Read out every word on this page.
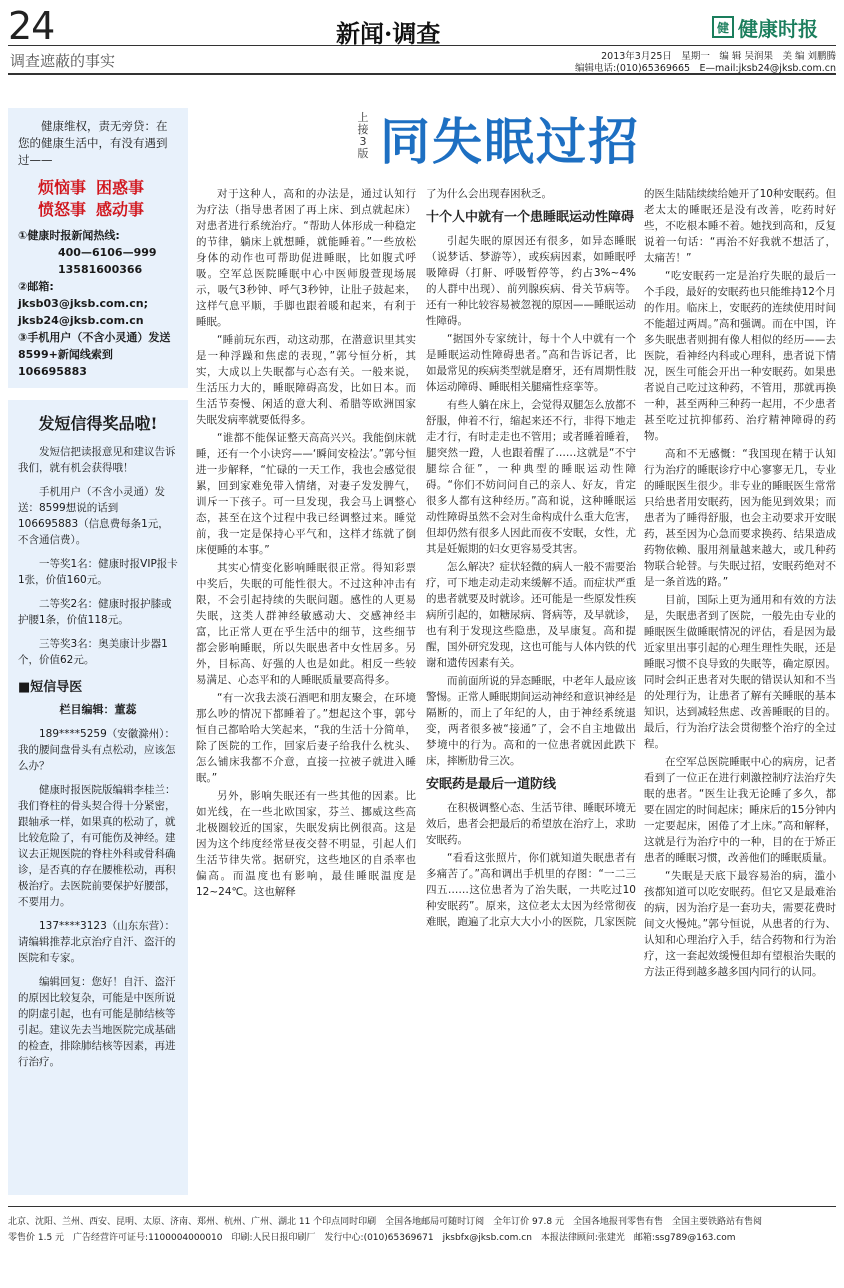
24	新闻·调查	健 健康时报
调查遮蔽的事实	2013年3月25日　星期一　编 辑 吴润果　美 编 刘鹏腾
编辑电话:(010)65369665　E—mail:jksb24@jksb.com.cn

健康维权，责无旁贷：在您的健康生活中，有没有遇到过——

烦恼事 困惑事
愤怒事 感动事
①健康时报新闻热线:
400—6106—999
13581600366
②邮箱: jksb03@jksb.com.cn; jksb24@jksb.com.cn
③手机用户（不含小灵通）发送8599+新闻线索到106695883
发短信得奖品啦!

发短信把读报意见和建议告诉我们，就有机会获得哦！

手机用户（不含小灵通）发送：8599想说的话到106695883（信息费每条1元，不含通信费）。

一等奖1名：健康时报VIP报卡1张，价值160元。

二等奖2名：健康时报护膝或护腰1条，价值118元。

三等奖3名：奥美康计步器1个，价值62元。

■短信导医
栏目编辑：董蕊

189****5259（安徽滁州）：我的腰间盘骨头有点松动，应该怎么办？

健康时报医院版编辑李桂兰：我们脊柱的骨头契合得十分紧密，跟轴承一样，如果真的松动了，就比较危险了，有可能伤及神经。建议去正规医院的脊柱外科或骨科确诊，是否真的存在腰椎松动，再积极治疗。去医院前要保护好腰部，不要用力。

137****3123（山东东营）：请编辑推荐北京治疗自汗、盗汗的医院和专家。

编辑回复：您好！自汗、盗汗的原因比较复杂，可能是中医所说的阴虚引起，也有可能是肺结核等引起。建议先去当地医院完成基础的检查，排除肺结核等因素，再进行治疗。

上接3版 同失眠过招

对于这种人，高和的办法是，通过认知行为疗法（指导患者困了再上床、到点就起床）对患者进行系统治疗。“帮助人体形成一种稳定的节律，躺床上就想睡，就能睡着。”一些放松身体的动作也可帮助促进睡眠，比如腹式呼吸。空军总医院睡眠中心中医师殷萱现场展示，吸气3秒钟、呼气3秒钟，让肚子鼓起来，这样气息平顺，手脚也跟着暖和起来，有利于睡眠。

“睡前玩东西，动这动那，在潜意识里其实是一种浮躁和焦虑的表现，”郭兮恒分析，其实，大成以上失眠都与心态有关。一般来说，生活压力大的，睡眠障碍高发，比如日本。而生活节奏慢、闲适的意大利、希腊等欧洲国家失眠发病率就要低得多。

“谁都不能保证整天高高兴兴。我能倒床就睡，还有一个小诀窍——‘瞬间安检法’。”郭兮恒进一步解释，“忙碌的一天工作，我也会感觉很累，回到家难免带入情绪，对妻子发发脾气，训斥一下孩子。可一旦发现，我会马上调整心态，甚至在这个过程中我已经调整过来。睡觉前，我一定是保持心平气和，这样才练就了倒床便睡的本事。”

其实心情变化影响睡眠很正常。得知彩票中奖后，失眠的可能性很大。不过这种冲击有限，不会引起持续的失眠问题。感性的人更易失眠，这类人群神经敏感动大、交感神经丰富，比正常人更在乎生活中的细节，这些细节都会影响睡眠，所以失眠患者中女性居多。另外，目标高、好强的人也是如此。相反一些较易满足、心态平和的人睡眠质量要高得多。

“有一次我去淡石酒吧和朋友聚会，在环境那么吵的情况下都睡着了。”想起这个事，郭兮恒自己都哈哈大笑起来，“我的生活十分简单，除了医院的工作，回家后妻子给我什么枕头、怎么铺床我都不介意，直接一拉被子就进入睡眠。”

另外，影响失眠还有一些其他的因素。比如光线，在一些北欧国家，芬兰、挪威这些高北极圈较近的国家，失眠发病比例很高。这是因为这个纬度经常昼夜交替不明显，引起人们生活节律失常。据研究，这些地区的自杀率也偏高。而温度也有影响，最佳睡眠温度是12~24℃。这也解释

了为什么会出现春困秋乏。

十个人中就有一个患睡眠运动性障碍

引起失眠的原因还有很多，如异态睡眠（说梦话、梦游等），或疾病因素，如睡眠呼吸障碍（打鼾、呼吸暂停等，约占3%~4%的人群中出现）、前列腺疾病、骨关节病等。还有一种比较容易被忽视的原因——睡眠运动性障碍。

“据国外专家统计，每十个人中就有一个是睡眠运动性障碍患者。”高和告诉记者，比如最常见的疾病类型就是磨牙，还有周期性肢体运动障碍、睡眠相关腿痛性痉挛等。

有些人躺在床上，会觉得双腿怎么放都不舒服，伸着不行，缩起来还不行，非得下地走走才行，有时走走也不管用；或者睡着睡着，腿突然一蹬，人也跟着醒了……这就是“不宁腿综合征”，一种典型的睡眠运动性障碍。“你们不妨问问自己的亲人、好友，肯定很多人都有这种经历。”高和说，这种睡眠运动性障碍虽然不会对生命构成什么重大危害，但却仍然有很多人因此而夜不安眠，女性，尤其是妊娠期的妇女更容易受其害。

怎么解决？症状轻微的病人一般不需要治疗，可下地走动走动来缓解不适。而症状严重的患者就要及时就诊。还可能是一些原发性疾病所引起的，如糖尿病、肾病等，及早就诊，也有利于发现这些隐患，及早康复。高和提醒，国外研究发现，这也可能与人体内铁的代谢和遗传因素有关。

而前面所说的异态睡眠，中老年人最应该警惕。正常人睡眠期间运动神经和意识神经是隔断的，而上了年纪的人，由于神经系统退变，两者很多被“接通”了，会不自主地做出梦境中的行为。高和的一位患者就因此跌下床，摔断肋骨三次。

安眠药是最后一道防线

在积极调整心态、生活节律、睡眠环境无效后，患者会把最后的希望放在治疗上，求助安眠药。

“看看这张照片，你们就知道失眠患者有多痛苦了。”高和调出手机里的存图：“一二三四五……这位患者为了治失眠，一共吃过10种安眠药”。原来，这位老太太因为经常彻夜难眠，跑遍了北京大大小小的医院，几家医院

的医生陆陆续续给她开了10种安眠药。但老太太的睡眠还是没有改善，吃药时好些，不吃根本睡不着。她找到高和，反复说着一句话：“再治不好我就不想活了，太痛苦！”

“吃安眠药一定是治疗失眠的最后一个手段，最好的安眠药也只能维持12个月的作用。临床上，安眠药的连续使用时间不能超过两周。”高和强调。而在中国，许多失眠患者则拥有像人相似的经历——去医院，看神经内科或心理科，患者说下情况，医生可能会开出一种安眠药。如果患者说自己吃过这种药，不管用，那就再换一种，甚至两种三种药一起用，不少患者甚至吃过抗抑郁药、治疗精神障碍的药物。

高和不无感慨：“我国现在精于认知行为治疗的睡眠诊疗中心寥寥无几，专业的睡眠医生很少。非专业的睡眠医生常常只给患者用安眠药，因为能见到效果；而患者为了睡得舒服，也会主动要求开安眠药，甚至因为心急而要求换药、结果造成药物依赖、服用剂量越来越大，或几种药物联合轮替。与失眠过招，安眠药绝对不是一条首选的路。”

目前，国际上更为通用和有效的方法是，失眠患者到了医院，一般先由专业的睡眠医生做睡眠情况的评估，看是因为最近家里出事引起的心理生理性失眠，还是睡眠习惯不良导致的失眠等，确定原因。同时会纠正患者对失眠的错误认知和不当的处理行为，让患者了解有关睡眠的基本知识，达到减轻焦虑、改善睡眠的目的。最后，行为治疗法会贯彻整个治疗的全过程。

在空军总医院睡眠中心的病房，记者看到了一位正在进行刺激控制疗法治疗失眠的患者。“医生让我无论睡了多久，都要在固定的时间起床；睡床后的15分钟内一定要起床，困倦了才上床。”高和解释，这就是行为治疗中的一种，目的在于矫正患者的睡眠习惯，改善他们的睡眠质量。

“失眠是天底下最容易治的病，滥小孩都知道可以吃安眠药。但它又是最难治的病，因为治疗是一套功夫，需要花费时间文火慢炖。”郭兮恒说，从患者的行为、认知和心理治疗入手，结合药物和行为治疗，这一套起效缓慢但却有望根治失眠的方法正得到越多越多国内同行的认同。

北京、沈阳、兰州、西安、昆明、太原、济南、郑州、杭州、广州、湖北 11 个印点同时印刷　全国各地邮局可随时订阅　全年订价 97.8 元　全国各地报刊零售有售　全国主要铁路站有售阅
零售价 1.5 元　广告经营许可证号:1100004000010　印刷:人民日报印刷厂　发行中心:(010)65369671　jksbfx@jksb.com.cn　本报法律顾问:张建光　邮箱:ssg789@163.com
